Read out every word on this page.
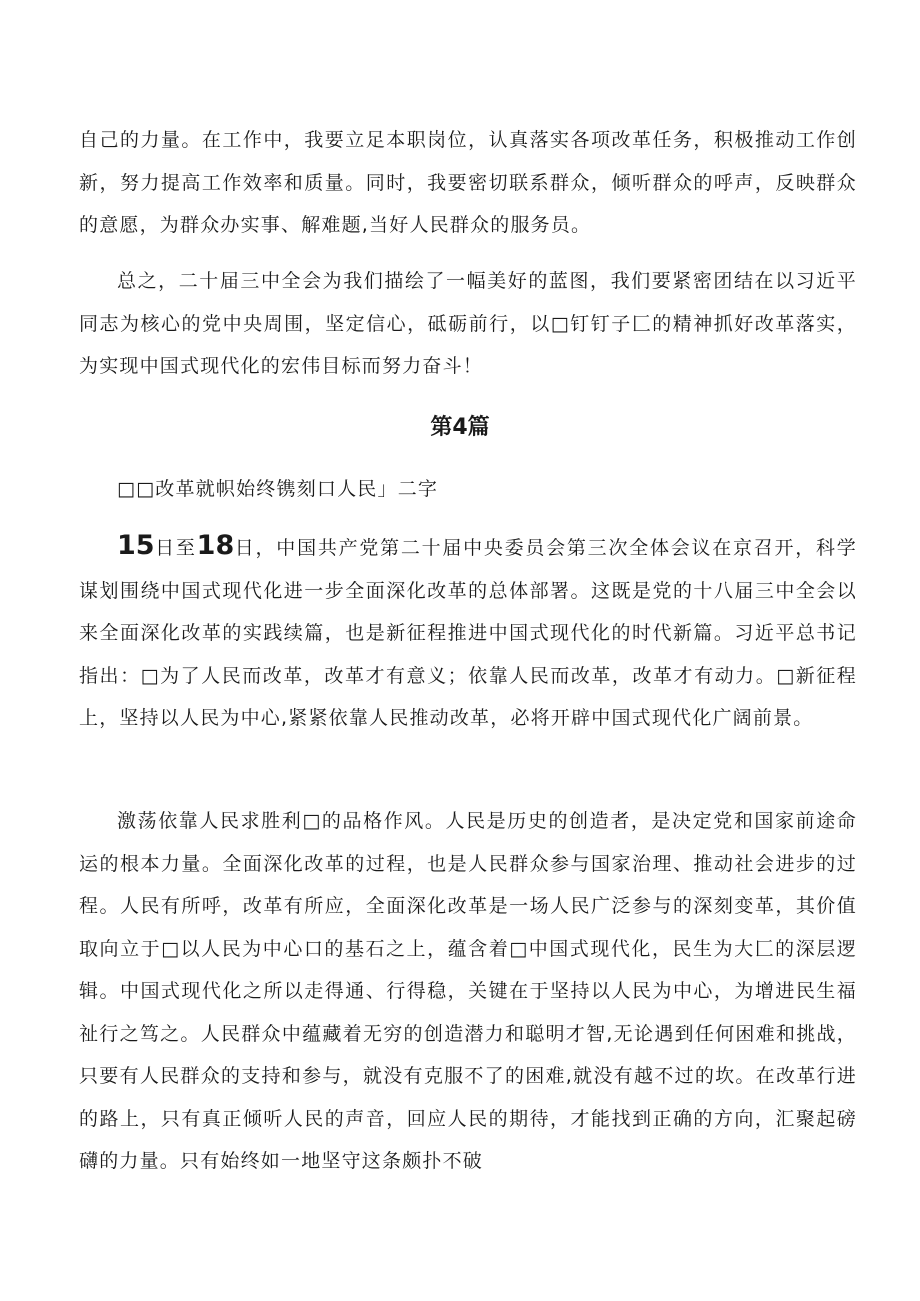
自己的力量。在工作中，我要立足本职岗位，认真落实各项改革任务，积极推动工作创新，努力提高工作效率和质量。同时，我要密切联系群众，倾听群众的呼声，反映群众的意愿，为群众办实事、解难题,当好人民群众的服务员。

总之，二十届三中全会为我们描绘了一幅美好的蓝图，我们要紧密团结在以习近平同志为核心的党中央周围，坚定信心，砥砺前行，以□钉钉子匚的精神抓好改革落实，为实现中国式现代化的宏伟目标而努力奋斗！

第4篇

□□改革就帜始终镌刻口人民」二字

15日至18日，中国共产党第二十届中央委员会第三次全体会议在京召开，科学谋划围绕中国式现代化进一步全面深化改革的总体部署。这既是党的十八届三中全会以来全面深化改革的实践续篇，也是新征程推进中国式现代化的时代新篇。习近平总书记指出：□为了人民而改革，改革才有意义；依靠人民而改革，改革才有动力。□新征程上，坚持以人民为中心,紧紧依靠人民推动改革，必将开辟中国式现代化广阔前景。

激荡依靠人民求胜利□的品格作风。人民是历史的创造者，是决定党和国家前途命运的根本力量。全面深化改革的过程，也是人民群众参与国家治理、推动社会进步的过程。人民有所呼，改革有所应，全面深化改革是一场人民广泛参与的深刻变革，其价值取向立于□以人民为中心口的基石之上，蕴含着□中国式现代化，民生为大匚的深层逻辑。中国式现代化之所以走得通、行得稳，关键在于坚持以人民为中心，为增进民生福祉行之笃之。人民群众中蕴藏着无穷的创造潜力和聪明才智,无论遇到任何困难和挑战，只要有人民群众的支持和参与，就没有克服不了的困难,就没有越不过的坎。在改革行进的路上，只有真正倾听人民的声音，回应人民的期待，才能找到正确的方向，汇聚起磅礴的力量。只有始终如一地坚守这条颇扑不破
